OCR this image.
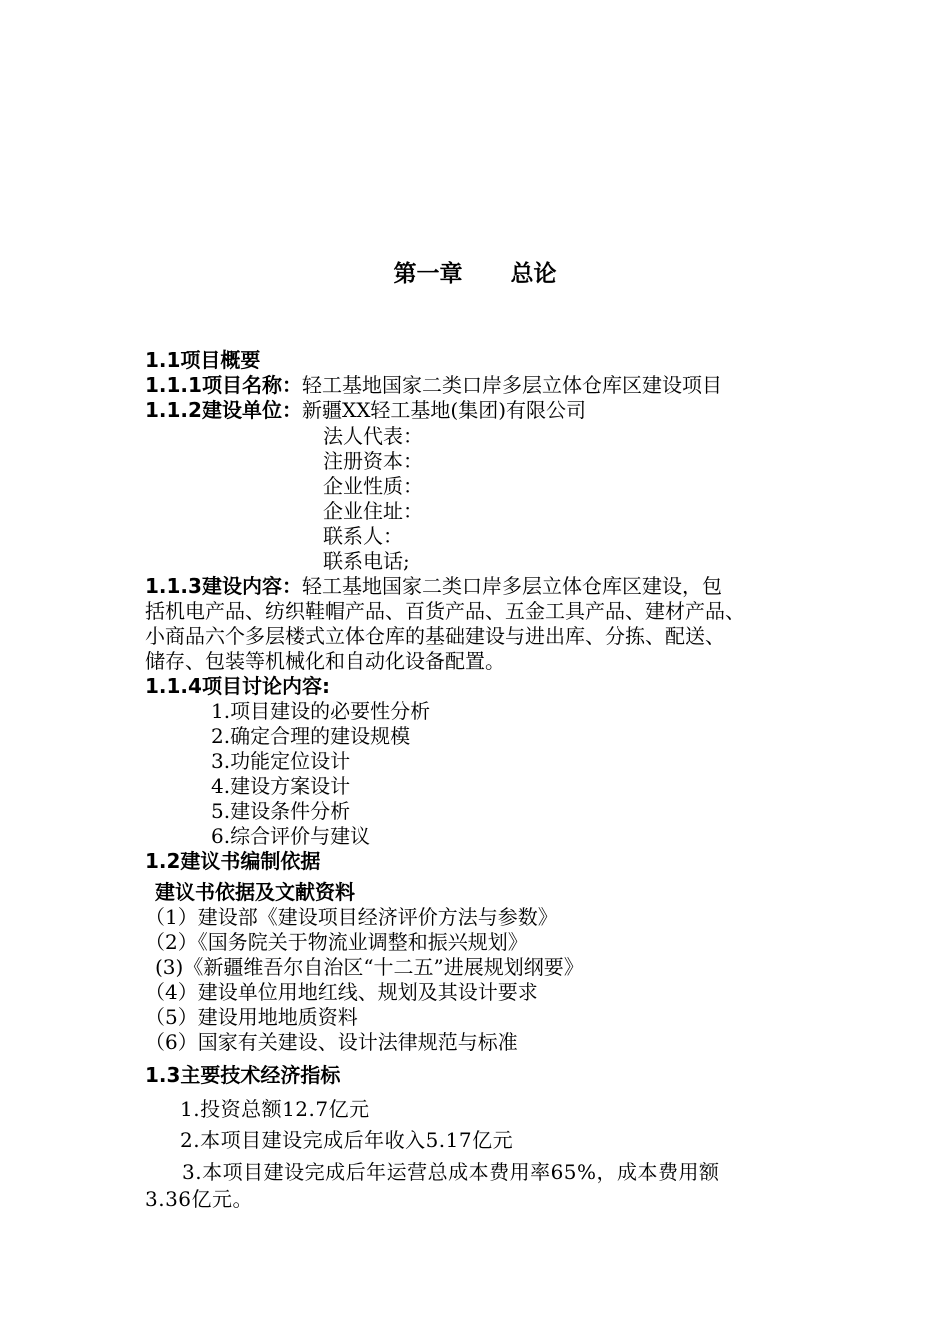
第一章 总论
1.1项目概要
1.1.1项目名称：轻工基地国家二类口岸多层立体仓库区建设项目
1.1.2建设单位：新疆XX轻工基地(集团)有限公司
法人代表：
注册资本：
企业性质：
企业住址：
联系人：
联系电话;
1.1.3建设内容：轻工基地国家二类口岸多层立体仓库区建设，包
括机电产品、纺织鞋帽产品、百货产品、五金工具产品、建材产品、
小商品六个多层楼式立体仓库的基础建设与进出库、分拣、配送、
储存、包装等机械化和自动化设备配置。
1.1.4项目讨论内容:
1.项目建设的必要性分析
2.确定合理的建设规模
3.功能定位设计
4.建设方案设计
5.建设条件分析
6.综合评价与建议
1.2建议书编制依据
建议书依据及文献资料
（1）建设部《建设项目经济评价方法与参数》
（2）《国务院关于物流业调整和振兴规划》
(3)《新疆维吾尔自治区“十二五”进展规划纲要》
（4）建设单位用地红线、规划及其设计要求
（5）建设用地地质资料
（6）国家有关建设、设计法律规范与标准
1.3主要技术经济指标
1.投资总额12.7亿元
2.本项目建设完成后年收入5.17亿元
3.本项目建设完成后年运营总成本费用率65%，成本费用额
3.36亿元。
